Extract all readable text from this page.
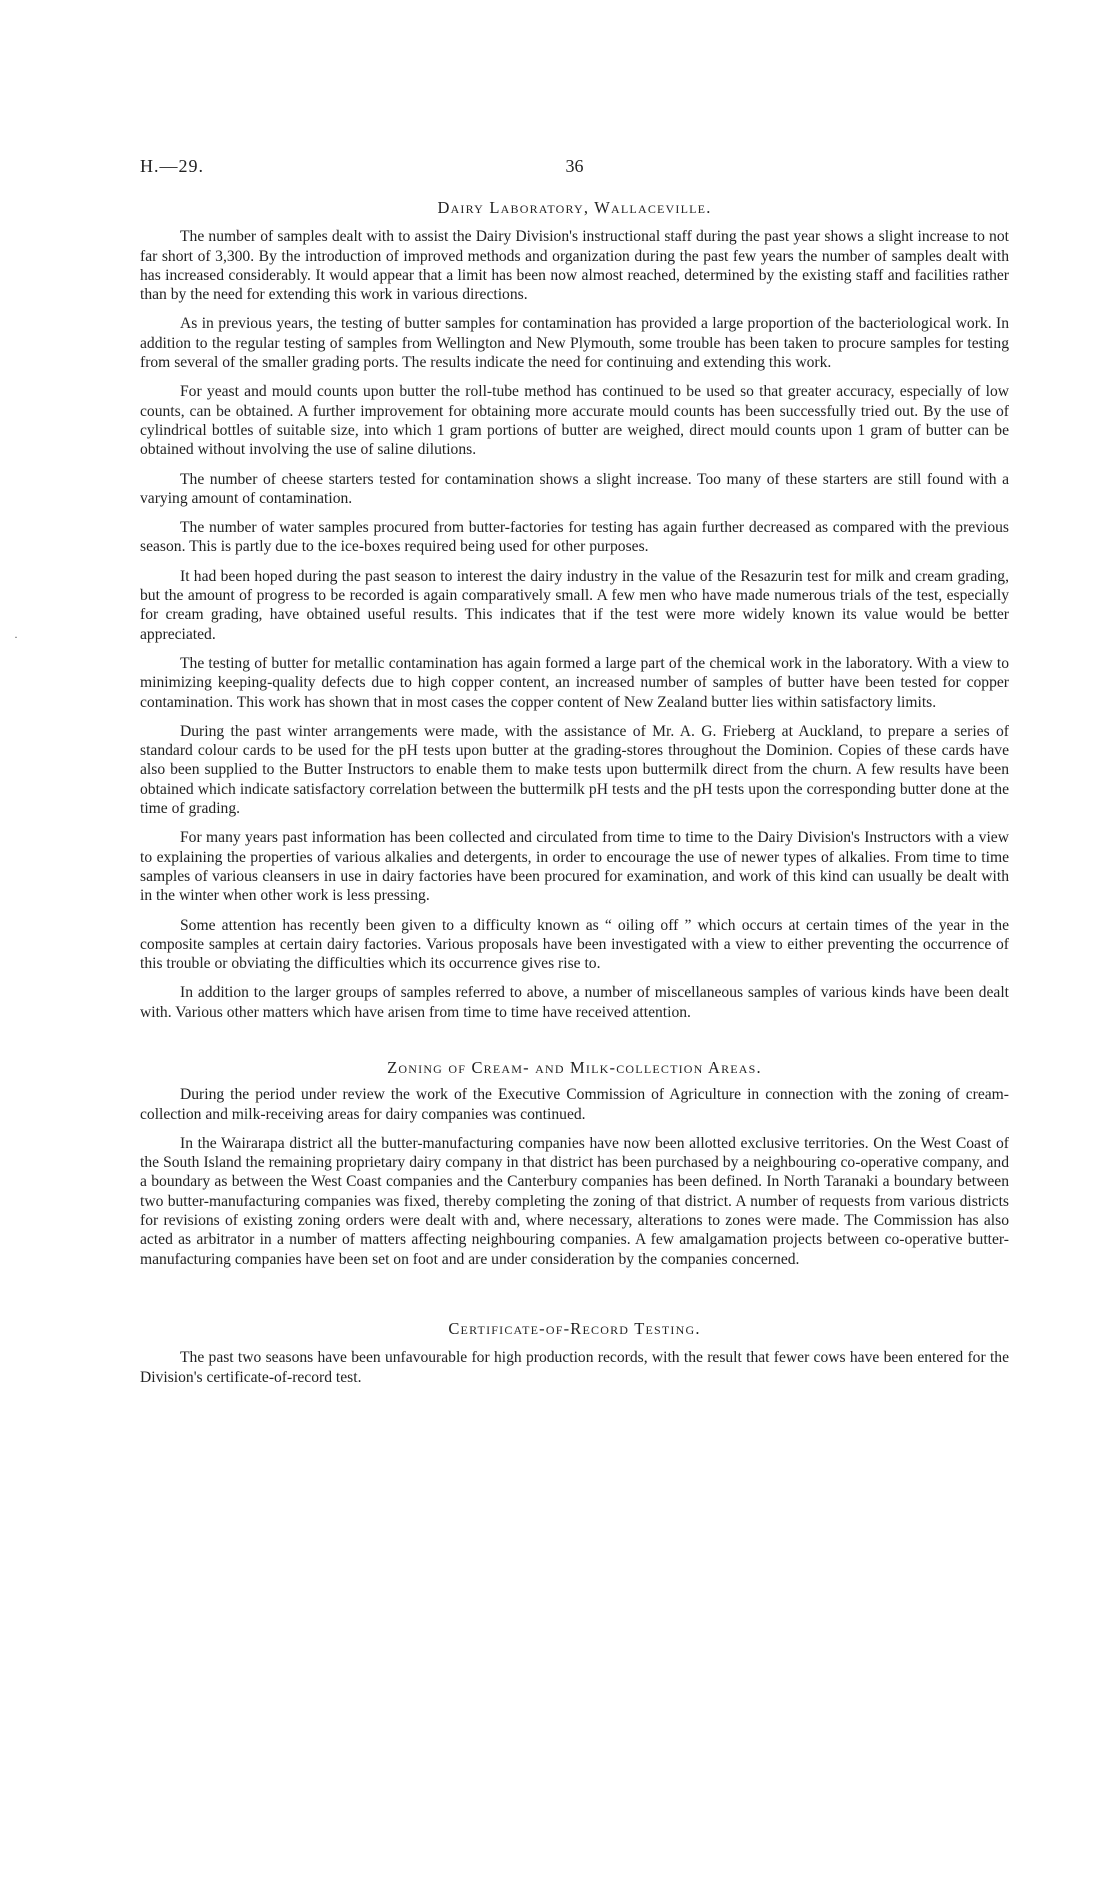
H.—29.	36
·
Dairy Laboratory, Wallaceville.

The number of samples dealt with to assist the Dairy Division's instructional staff during the past year shows a slight increase to not far short of 3,300. By the introduction of improved methods and organization during the past few years the number of samples dealt with has increased considerably. It would appear that a limit has been now almost reached, determined by the existing staff and facilities rather than by the need for extending this work in various directions.

As in previous years, the testing of butter samples for contamination has provided a large proportion of the bacteriological work. In addition to the regular testing of samples from Wellington and New Plymouth, some trouble has been taken to procure samples for testing from several of the smaller grading ports. The results indicate the need for continuing and extending this work.

For yeast and mould counts upon butter the roll-tube method has continued to be used so that greater accuracy, especially of low counts, can be obtained. A further improvement for obtaining more accurate mould counts has been successfully tried out. By the use of cylindrical bottles of suitable size, into which 1 gram portions of butter are weighed, direct mould counts upon 1 gram of butter can be obtained without involving the use of saline dilutions.

The number of cheese starters tested for contamination shows a slight increase. Too many of these starters are still found with a varying amount of contamination.

The number of water samples procured from butter-factories for testing has again further decreased as compared with the previous season. This is partly due to the ice-boxes required being used for other purposes.

It had been hoped during the past season to interest the dairy industry in the value of the Resazurin test for milk and cream grading, but the amount of progress to be recorded is again comparatively small. A few men who have made numerous trials of the test, especially for cream grading, have obtained useful results. This indicates that if the test were more widely known its value would be better appreciated.

The testing of butter for metallic contamination has again formed a large part of the chemical work in the laboratory. With a view to minimizing keeping-quality defects due to high copper content, an increased number of samples of butter have been tested for copper contamination. This work has shown that in most cases the copper content of New Zealand butter lies within satisfactory limits.

During the past winter arrangements were made, with the assistance of Mr. A. G. Frieberg at Auckland, to prepare a series of standard colour cards to be used for the pH tests upon butter at the grading-stores throughout the Dominion. Copies of these cards have also been supplied to the Butter Instructors to enable them to make tests upon buttermilk direct from the churn. A few results have been obtained which indicate satisfactory correlation between the buttermilk pH tests and the pH tests upon the corresponding butter done at the time of grading.

For many years past information has been collected and circulated from time to time to the Dairy Division's Instructors with a view to explaining the properties of various alkalies and detergents, in order to encourage the use of newer types of alkalies. From time to time samples of various cleansers in use in dairy factories have been procured for examination, and work of this kind can usually be dealt with in the winter when other work is less pressing.

Some attention has recently been given to a difficulty known as “ oiling off ” which occurs at certain times of the year in the composite samples at certain dairy factories. Various proposals have been investigated with a view to either preventing the occurrence of this trouble or obviating the difficulties which its occurrence gives rise to.

In addition to the larger groups of samples referred to above, a number of miscellaneous samples of various kinds have been dealt with. Various other matters which have arisen from time to time have received attention.

Zoning of Cream- and Milk-collection Areas.

During the period under review the work of the Executive Commission of Agriculture in connection with the zoning of cream-collection and milk-receiving areas for dairy companies was continued.

In the Wairarapa district all the butter-manufacturing companies have now been allotted exclusive territories. On the West Coast of the South Island the remaining proprietary dairy company in that district has been purchased by a neighbouring co-operative company, and a boundary as between the West Coast companies and the Canterbury companies has been defined. In North Taranaki a boundary between two butter-manufacturing companies was fixed, thereby completing the zoning of that district. A number of requests from various districts for revisions of existing zoning orders were dealt with and, where necessary, alterations to zones were made. The Commission has also acted as arbitrator in a number of matters affecting neighbouring companies. A few amalgamation projects between co-operative butter-manufacturing companies have been set on foot and are under consideration by the companies concerned.

Certificate-of-Record Testing.

The past two seasons have been unfavourable for high production records, with the result that fewer cows have been entered for the Division's certificate-of-record test.
